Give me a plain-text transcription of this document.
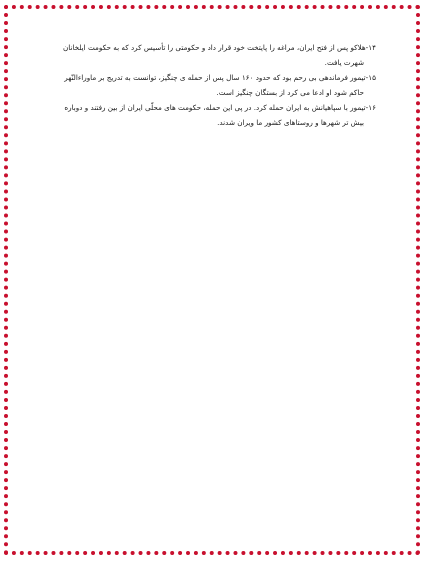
۱۴-هلاکو پس از فتح ایران، مراغه را پایتخت خود قرار داد و حکومتی را تأسیس کرد که به حکومت ایلخانان
شهرت یافت.

۱۵-تیمور فرماندهی بی رحم بود که حدود ۱۶۰ سال پس از حمله ی چنگیز، توانست به تدریج بر ماوراءالنّهر
حاکم شود او ادعا می کرد از بستگان چنگیز است.

۱۶-تیمور با سپاهیانش به ایران حمله کرد. در پی این حمله، حکومت های محلّی ایران از بین رفتند و دوباره
بیش تر شهرها و روستاهای کشور ما ویران شدند.
